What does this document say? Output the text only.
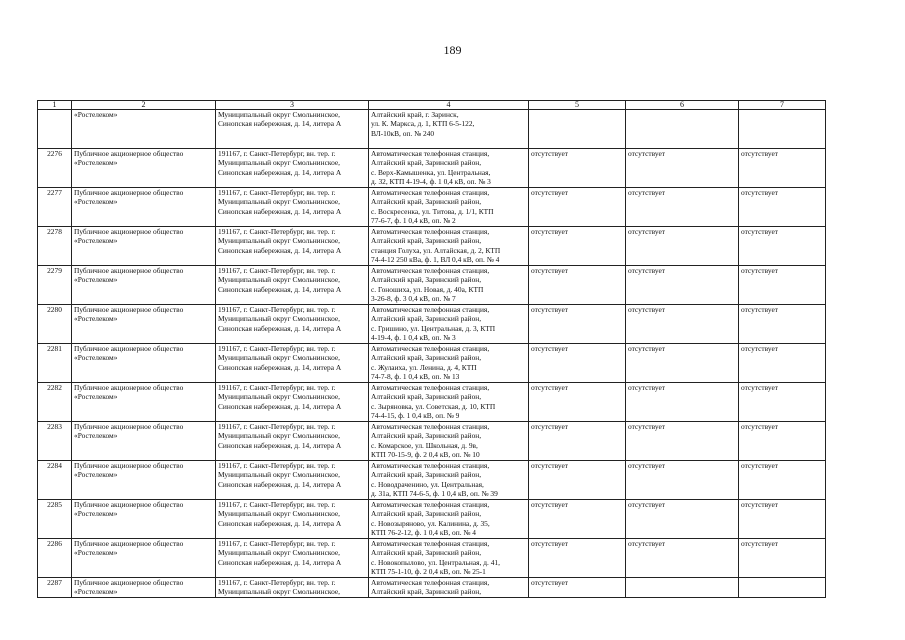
189
1	2	3	4	5	6	7
	«Ростелеком»	Муниципальный округ Смольнинское,
Синопская набережная, д. 14, литера А	Алтайский край, г. Заринск,
ул. К. Маркса, д. 1, КТП 6-5-122,
ВЛ-10кВ, оп. № 240			
2276	Публичное акционерное общество
«Ростелеком»	191167, г. Санкт-Петербург, вн. тер. г.
Муниципальный округ Смольнинское,
Синопская набережная, д. 14, литера А	Автоматическая телефонная станция,
Алтайский край, Заринский район,
с. Верх-Камышенка, ул. Центральная,
д. 32, КТП 4-19-4, ф. 1 0,4 кВ, оп. № 3	отсутствует	отсутствует	отсутствует
2277	Публичное акционерное общество
«Ростелеком»	191167, г. Санкт-Петербург, вн. тер. г.
Муниципальный округ Смольнинское,
Синопская набережная, д. 14, литера А	Автоматическая телефонная станция,
Алтайский край, Заринский район,
с. Воскресенка, ул. Титова, д. 1/1, КТП
77-6-7, ф. 1 0,4 кВ, оп. № 2	отсутствует	отсутствует	отсутствует
2278	Публичное акционерное общество
«Ростелеком»	191167, г. Санкт-Петербург, вн. тер. г.
Муниципальный округ Смольнинское,
Синопская набережная, д. 14, литера А	Автоматическая телефонная станция,
Алтайский край, Заринский район,
станция Голуха, ул. Алтайская, д. 2, КТП
74-4-12 250 кВа, ф. 1, ВЛ 0,4 кВ, оп. № 4	отсутствует	отсутствует	отсутствует
2279	Публичное акционерное общество
«Ростелеком»	191167, г. Санкт-Петербург, вн. тер. г.
Муниципальный округ Смольнинское,
Синопская набережная, д. 14, литера А	Автоматическая телефонная станция,
Алтайский край, Заринский район,
с. Гоношиха, ул. Новая, д. 40а, КТП
3-26-8, ф. 3 0,4 кВ, оп. № 7	отсутствует	отсутствует	отсутствует
2280	Публичное акционерное общество
«Ростелеком»	191167, г. Санкт-Петербург, вн. тер. г.
Муниципальный округ Смольнинское,
Синопская набережная, д. 14, литера А	Автоматическая телефонная станция,
Алтайский край, Заринский район,
с. Гришино, ул. Центральная, д. 3, КТП
4-19-4, ф. 1 0,4 кВ, оп. № 3	отсутствует	отсутствует	отсутствует
2281	Публичное акционерное общество
«Ростелеком»	191167, г. Санкт-Петербург, вн. тер. г.
Муниципальный округ Смольнинское,
Синопская набережная, д. 14, литера А	Автоматическая телефонная станция,
Алтайский край, Заринский район,
с. Жулаиха, ул. Ленина, д. 4, КТП
74-7-8, ф. 1 0,4 кВ, оп. № 13	отсутствует	отсутствует	отсутствует
2282	Публичное акционерное общество
«Ростелеком»	191167, г. Санкт-Петербург, вн. тер. г.
Муниципальный округ Смольнинское,
Синопская набережная, д. 14, литера А	Автоматическая телефонная станция,
Алтайский край, Заринский район,
с. Зыряновка, ул. Советская, д. 10, КТП
74-4-15, ф. 1 0,4 кВ, оп. № 9	отсутствует	отсутствует	отсутствует
2283	Публичное акционерное общество
«Ростелеком»	191167, г. Санкт-Петербург, вн. тер. г.
Муниципальный округ Смольнинское,
Синопская набережная, д. 14, литера А	Автоматическая телефонная станция,
Алтайский край, Заринский район,
с. Комарское, ул. Школьная, д. 9в,
КТП 70-15-9, ф. 2 0,4 кВ, оп. № 10	отсутствует	отсутствует	отсутствует
2284	Публичное акционерное общество
«Ростелеком»	191167, г. Санкт-Петербург, вн. тер. г.
Муниципальный округ Смольнинское,
Синопская набережная, д. 14, литера А	Автоматическая телефонная станция,
Алтайский край, Заринский район,
с. Новодраченино, ул. Центральная,
д. 31а, КТП 74-6-5, ф. 1 0,4 кВ, оп. № 39	отсутствует	отсутствует	отсутствует
2285	Публичное акционерное общество
«Ростелеком»	191167, г. Санкт-Петербург, вн. тер. г.
Муниципальный округ Смольнинское,
Синопская набережная, д. 14, литера А	Автоматическая телефонная станция,
Алтайский край, Заринский район,
с. Новозыряново, ул. Калинина, д. 35,
КТП 76-2-12, ф. 1 0,4 кВ, оп. № 4	отсутствует	отсутствует	отсутствует
2286	Публичное акционерное общество
«Ростелеком»	191167, г. Санкт-Петербург, вн. тер. г.
Муниципальный округ Смольнинское,
Синопская набережная, д. 14, литера А	Автоматическая телефонная станция,
Алтайский край, Заринский район,
с. Новокопылово, ул. Центральная, д. 41,
КТП 75-1-10, ф. 2 0,4 кВ, оп. № 25-1	отсутствует	отсутствует	отсутствует
2287	Публичное акционерное общество
«Ростелеком»	191167, г. Санкт-Петербург, вн. тер. г.
Муниципальный округ Смольнинское,	Автоматическая телефонная станция,
Алтайский край, Заринский район,	отсутствует		
